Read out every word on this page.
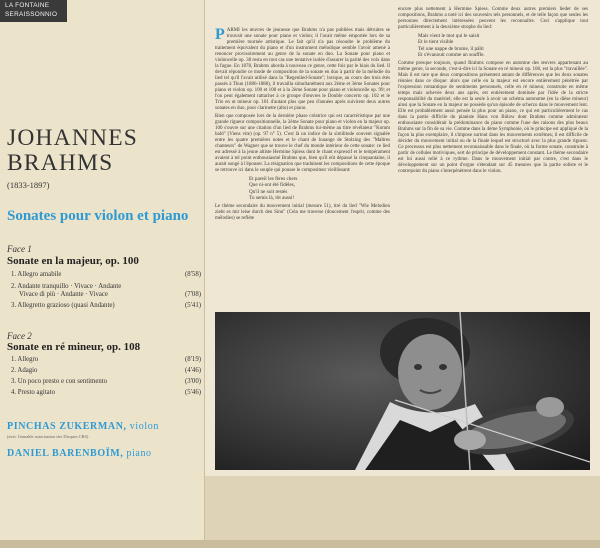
LA FONTAINE
SERAISSONNIO
JOHANNES
BRAHMS
(1833-1897)
Sonates pour violon et piano
Face 1
Sonate en la majeur, op. 100
1. Allegro amabile	(8'58)
2. Andante tranquillo · Vivace · Andante
Vivace di più · Andante · Vivace	(7'08)
3. Allegretto grazioso (quasi Andante)	(5'41)
Face 2
Sonate en ré mineur, op. 108
1. Allegro	(8'19)
2. Adagio	(4'46)
3. Un poco presto e con sentimento	(3'00)
4. Presto agitato	(5'46)
PINCHAS ZUKERMAN, violon
(avec l'aimable autorisation des Disques CBS)
DANIEL BARENBOÏM, piano

PARMI les œuvres de jeunesse que Brahms n'a pas publiées mais détruites se trouvait une sonate pour piano et violon; il l'avait même emportée lors de sa première tournée artistique. Le fait qu'il n'a pas résoudre le problème du traitement équivalent du piano et d'un instrument mélodique semble l'avoir amené à renoncer provisoirement au genre de la sonate en duo. La Sonate pour piano et violoncelle op. 38 resta en tout cas une tentative isolée d'assurer la parité des voix dans la fugue. En 1878, Brahms aborda à nouveau ce genre, cette fois par le biais du lied. Il devait répondre ce mode de composition de la sonate en duo à partir de la mélodie du lied tel qu'il l'avait utilisé dans la "Regenlied-Sonate"; lorsque, au cours des trois étés passés à Thun (1886-1888), il travailla simultanément aux 2ème et 3ème Sonates pour piano et violon op. 100 et 108 et à la 2ème Sonate pour piano et violoncelle op. 99; et l'on peut également rattacher à ce groupe d'œuvres le Double concerto op. 102 et le Trio en ut mineur op. 101 d'autant plus que peu d'années après suivirent deux autres sonates en duo, pour clarinette (alto) et piano.

Bien que composée lors de la dernière phase créatrice qui est caractéristique par une grande rigueur compositionnelle, la 2ème Sonate pour piano et violon en la majeur op. 100 s'ouvre sur une citation d'un lied de Brahms lui-même au titre révélateur "Komm bald" (Viens vite) (op. 97 n° 5). C'est là un indice de la similitude souvent signalée entre les quatre premières notes et le chant de louange de Stolzing des "Maîtres chanteurs" de Wagner que se trouve le chef du monde intérieur de cette sonate: ce lied est adressé à la jeune altiste Hermine Spiess dont le chant expressif et le tempérament avaient à tel point enthousiasmé Brahms que, bien qu'il eût dépassé la cinquantaine, il aurait songé à l'épouser. La résignation que traduisent les compositions de cette époque se retrouve ici dans le souple qui pousse le compositeur vieillissant:

Et pareil les fères chers
Que ni-ont été fidèles,
Qu'il ne soit restés
Tu semis là, tôt aussi!

Le thème secondaire du mouvement initial (mesure 51), tiré du lied "Wie Melodien zieht es mir leise durch den Sinn" (Cela me traverse (doucement l'esprit, comme des mélodies) se reflète

encore plus nettement à Hermine Spiess. Comme deux autres premiers lieder de ses compositions, Brahms a noté ici des souvenirs tels personnels, et de telle façon que seules les personnes directement intéressées peuvent les reconnaître. Ceci s'applique tout particulièrement à la deuxième strophe du lied:

Mais vient le mot qui le saisit
Et le tient visible
Tel une nappe de brume, il pâlit
Et s'évanouit comme un souffle.

Comme presque toujours, quand Brahms compose en automne des œuvres appartenant au même genre, la seconde, c'est-à-dire ici la Sonate en ré mineur op. 108, est la plus "travaillée". Mais il est rare que deux compositions présentent autant de différences que les deux sonates réunies dans ce disque: alors que celle en la majeur est encore entièrement pénétrée par l'expression romantique de sentiments personnels, celle en ré mineur, construite en même temps mais achevée deux ans après, est entièrement dominée par l'idée de la stricte responsabilité du matériel; elle est la seule à avoir un schéma autonome (en la dièse mineur) ainsi que la Sonate en la majeur ne possède qu'un épisode de scherzo dans le mouvement lent. Elle est probablement aussi pensée la plus pour un piano, ce qui est particulièrement le cas dans la partie difficile du pianiste Hans von Bülow dont Brahms comme admirateur enthousiaste considérait la prédominance du piano comme l'une des raisons des plus beaux Brahms sur la fin de sa vie. Comme dans la 4ème Symphonie, où le principe est appliqué de la façon la plus exemplaire, il s'impose surtout dans les mouvements extrêmes; il est difficile de décider du mouvement initial ou de la finale lequel est structuré avec la plus grande rigueur. Ce processus est plus nettement reconnaissable dans le finale, où la forme sonate, construite à partir de cellules motiviques, sert de principe de développement constant. Le thème secondaire est lui aussi relié à ce rythme. Dans le mouvement initial par contre, c'est dans le développement sur un point d'orgue s'étendant sur 45 mesures que la partie soliste et le contrepoint du piano s'interpénètrent dans le violon.
